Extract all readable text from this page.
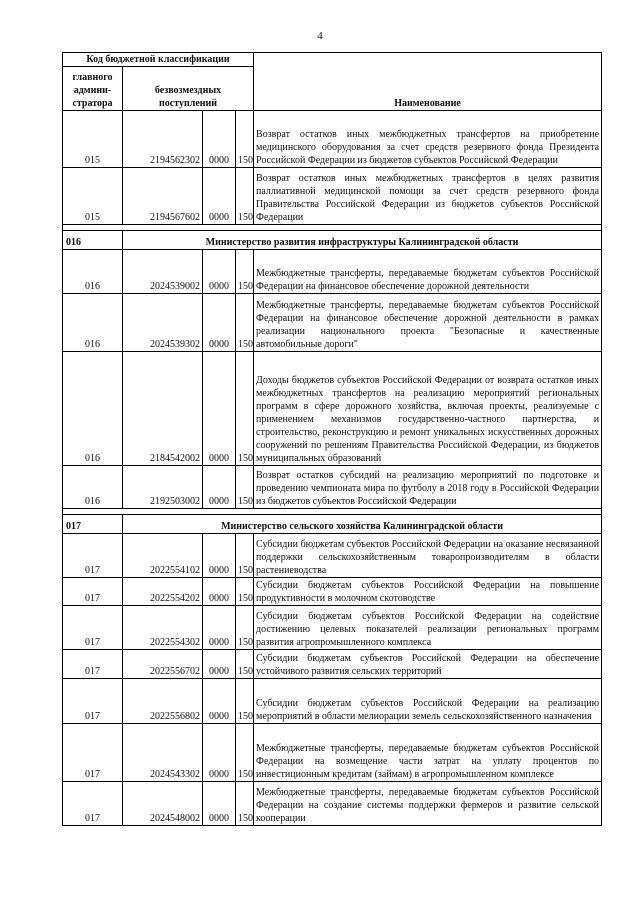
4
Код бюджетной классификации				Наименование
главного админи-стратора	безвозмездных поступлений			
015	2194562302	0000	150	Возврат остатков иных межбюджетных трансфертов на приобретение медицинского оборудования за счет средств резервного фонда Президента Российской Федерации из бюджетов субъектов Российской Федерации
015	2194567602	0000	150	Возврат остатков иных межбюджетных трансфертов в целях развития паллиативной медицинской помощи за счет средств резервного фонда Правительства Российской Федерации из бюджетов субъектов Российской Федерации

016	Министерство развития инфраструктуры Калининградской области			
016	2024539002	0000	150	Межбюджетные трансферты, передаваемые бюджетам субъектов Российской Федерации на финансовое обеспечение дорожной деятельности
016	2024539302	0000	150	Межбюджетные трансферты, передаваемые бюджетам субъектов Российской Федерации на финансовое обеспечение дорожной деятельности в рамках реализации национального проекта "Безопасные и качественные автомобильные дороги"
016	2184542002	0000	150	Доходы бюджетов субъектов Российской Федерации от возврата остатков иных межбюджетных трансфертов на реализацию мероприятий региональных программ в сфере дорожного хозяйства, включая проекты, реализуемые с применением механизмов государственно-частного партнерства, и строительство, реконструкцию и ремонт уникальных искусственных дорожных сооружений по решениям Правительства Российской Федерации, из бюджетов муниципальных образований
016	2192503002	0000	150	Возврат остатков субсидий на реализацию мероприятий по подготовке и проведению чемпионата мира по футболу в 2018 году в Российской Федерации из бюджетов субъектов Российской Федерации

017	Министерство сельского хозяйства Калининградской области			
017	2022554102	0000	150	Субсидии бюджетам субъектов Российской Федерации на оказание несвязанной поддержки сельскохозяйственным товаропроизводителям в области растениеводства
017	2022554202	0000	150	Субсидии бюджетам субъектов Российской Федерации на повышение продуктивности в молочном скотоводстве
017	2022554302	0000	150	Субсидии бюджетам субъектов Российской Федерации на содействие достижению целевых показателей реализации региональных программ развития агропромышленного комплекса
017	2022556702	0000	150	Субсидии бюджетам субъектов Российской Федерации на обеспечение устойчивого развития сельских территорий
017	2022556802	0000	150	Субсидии бюджетам субъектов Российской Федерации на реализацию мероприятий в области мелиорации земель сельскохозяйственного назначения
017	2024543302	0000	150	Межбюджетные трансферты, передаваемые бюджетам субъектов Российской Федерации на возмещение части затрат на уплату процентов по инвестиционным кредитам (займам) в агропромышленном комплексе
017	2024548002	0000	150	Межбюджетные трансферты, передаваемые бюджетам субъектов Российской Федерации на создание системы поддержки фермеров и развитие сельской кооперации
